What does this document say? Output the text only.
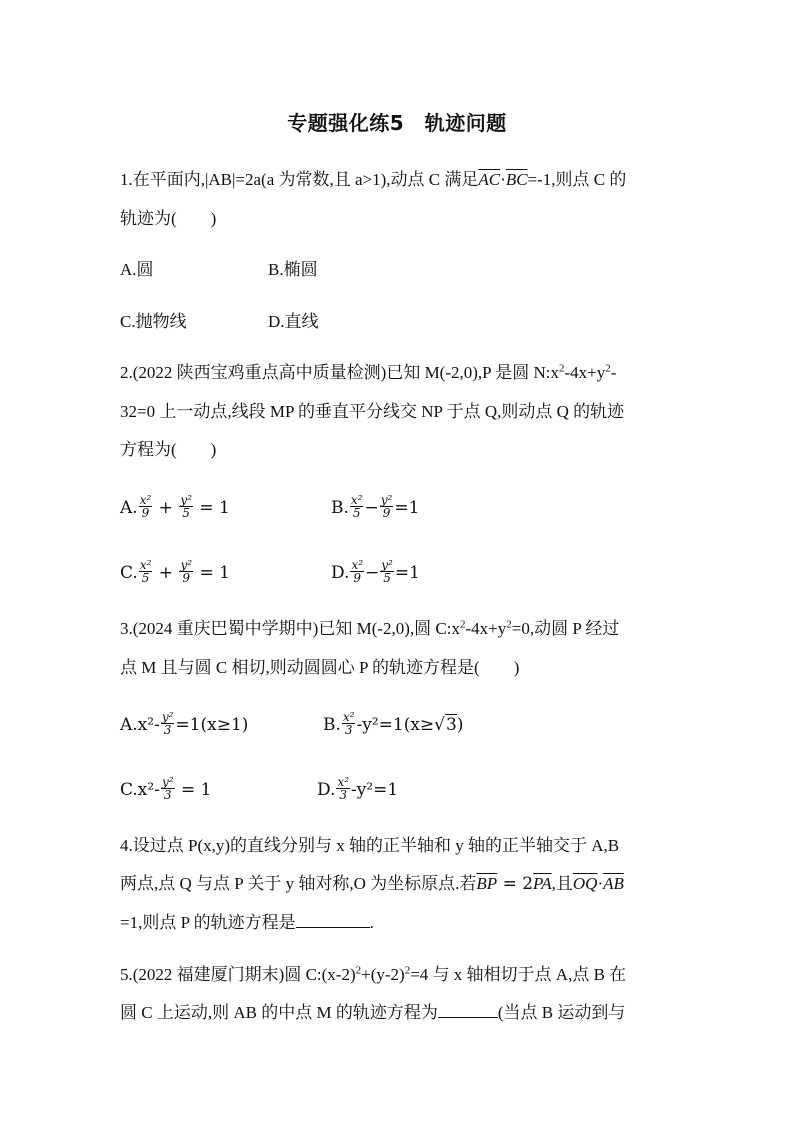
专题强化练5　轨迹问题
1.在平面内,|AB|=2a(a 为常数,且 a>1),动点 C 满足$\overline{AC}\cdot\overline{BC}=-1$,则点 C 的
轨迹为(　　)
A.圆	B.椭圆
C.抛物线	D.直线
2.(2022 陕西宝鸡重点高中质量检测)已知 M(-2,0),P 是圆 $N:x^2-4x+y^2-$
32=0 上一动点,线段 MP 的垂直平分线交 NP 于点 Q,则动点 Q 的轨迹
方程为(　　)
A. $\frac{\text{x²}}{9} + \frac{\text{y²}}{5} = 1$	B. $\frac{\text{x²}}{5} - \frac{\text{y²}}{9} =1$
C. $\frac{\text{x²}}{5} + \frac{\text{y²}}{9} = 1$	D. $\frac{\text{x²}}{9} - \frac{\text{y²}}{5} =1$
3.(2024 重庆巴蜀中学期中)已知 M(-2,0),圆 $C:x^2-4x+y^2=0$,动圆 P 经过
点 M 且与圆 C 相切,则动圆圆心 P 的轨迹方程是(　　)
$A.x^2- \frac{\text{y²}}{3} =1(x\ge 1)$	B. $\frac{\text{x²}}{3} -y^2=1(x\ge√3)$
$C.x^2- \frac{\text{y²}}{3} = 1$	D. $\frac{\text{x²}}{3} -y^2=1$
4.设过点 P(x,y)的直线分别与 x 轴的正半轴和 y 轴的正半轴交于 A,B
两点,点 Q 与点 P 关于 y 轴对称,O 为坐标原点.若$\overline{BP} = 2\overline{PA}$,且$\overline{OQ}\cdot\overline{AB}$
=1,则点 P 的轨迹方程是	.
5.(2022 福建厦门期末)圆 $C:(x-2)^2+(y-2)^2=4$ 与 x 轴相切于点 A,点 B 在
圆 C 上运动,则 AB 的中点 M 的轨迹方程为	(当点 B 运动到与
